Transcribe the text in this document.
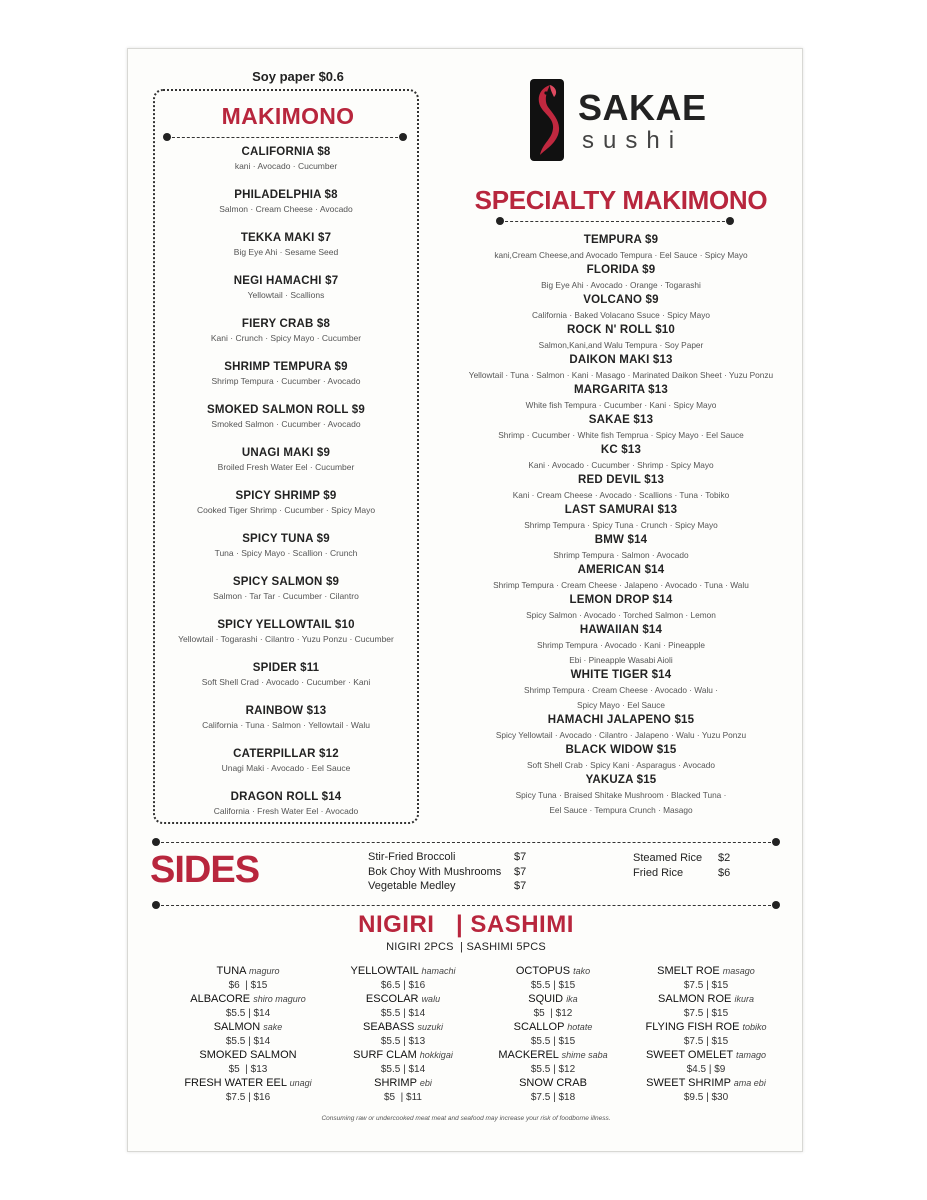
Soy paper $0.6
MAKIMONO
CALIFORNIA $8
kani · Avocado · Cucumber
PHILADELPHIA $8
Salmon · Cream Cheese · Avocado
TEKKA MAKI $7
Big Eye Ahi · Sesame Seed
NEGI HAMACHI $7
Yellowtail · Scallions
FIERY CRAB $8
Kani · Crunch · Spicy Mayo · Cucumber
SHRIMP TEMPURA $9
Shrimp Tempura · Cucumber · Avocado
SMOKED SALMON ROLL $9
Smoked Salmon · Cucumber · Avocado
UNAGI MAKI $9
Broiled Fresh Water Eel · Cucumber
SPICY SHRIMP $9
Cooked Tiger Shrimp · Cucumber · Spicy Mayo
SPICY TUNA $9
Tuna · Spicy Mayo · Scallion · Crunch
SPICY SALMON $9
Salmon · Tar Tar · Cucumber · Cilantro
SPICY YELLOWTAIL $10
Yellowtail · Togarashi · Cilantro · Yuzu Ponzu · Cucumber
SPIDER $11
Soft Shell Crad · Avocado · Cucumber · Kani
RAINBOW $13
California · Tuna · Salmon · Yellowtail · Walu
CATERPILLAR $12
Unagi Maki · Avocado · Eel Sauce
DRAGON ROLL $14
California · Fresh Water Eel · Avocado
SAKAE
sushi
SPECIALTY MAKIMONO
TEMPURA $9
kani,Cream Cheese,and Avocado Tempura · Eel Sauce · Spicy Mayo
FLORIDA $9
Big Eye Ahi · Avocado · Orange · Togarashi
VOLCANO $9
California · Baked Volacano Ssuce · Spicy Mayo
ROCK N' ROLL $10
Salmon,Kani,and Walu Tempura · Soy Paper
DAIKON MAKI $13
Yellowtail · Tuna · Salmon · Kani · Masago · Marinated Daikon Sheet · Yuzu Ponzu
MARGARITA $13
White fish Tempura · Cucumber · Kani · Spicy Mayo
SAKAE $13
Shrimp · Cucumber · White fish Temprua · Spicy Mayo · Eel Sauce
KC $13
Kani · Avocado · Cucumber · Shrimp · Spicy Mayo
RED DEVIL $13
Kani · Cream Cheese · Avocado · Scallions · Tuna · Tobiko
LAST SAMURAI $13
Shrimp Tempura · Spicy Tuna · Crunch · Spicy Mayo
BMW $14
Shrimp Tempura · Salmon · Avocado
AMERICAN $14
Shrimp Tempura · Cream Cheese · Jalapeno · Avocado · Tuna · Walu
LEMON DROP $14
Spicy Salmon · Avocado · Torched Salmon · Lemon
HAWAIIAN $14
Shrimp Tempura · Avocado · Kani · Pineapple
Ebi · Pineapple Wasabi Aioli
WHITE TIGER $14
Shrimp Tempura · Cream Cheese · Avocado · Walu ·
Spicy Mayo · Eel Sauce
HAMACHI JALAPENO $15
Spicy Yellowtail · Avocado · Cilantro · Jalapeno · Walu · Yuzu Ponzu
BLACK WIDOW $15
Soft Shell Crab · Spicy Kani · Asparagus · Avocado
YAKUZA $15
Spicy Tuna · Braised Shitake Mushroom · Blacked Tuna ·
Eel Sauce · Tempura Crunch · Masago
SIDES	Stir-Fried Broccoli
Bok Choy With Mushrooms
Vegetable Medley
$7
$7
$7
Steamed Rice
Fried Rice
$2
$6
NIGIRI   | SASHIMI
NIGIRI 2PCS  | SASHIMI 5PCS
TUNA maguro
$6  | $15
ALBACORE shiro maguro
$5.5 | $14
SALMON sake
$5.5 | $14
SMOKED SALMON
$5  | $13
FRESH WATER EEL unagi
$7.5 | $16
YELLOWTAIL hamachi
$6.5 | $16
ESCOLAR walu
$5.5 | $14
SEABASS suzuki
$5.5 | $13
SURF CLAM hokkigai
$5.5 | $14
SHRIMP ebi
$5  | $11
OCTOPUS tako
$5.5 | $15
SQUID ika
$5  | $12
SCALLOP hotate
$5.5 | $15
MACKEREL shime saba
$5.5 | $12
SNOW CRAB
$7.5 | $18
SMELT ROE masago
$7.5 | $15
SALMON ROE ikura
$7.5 | $15
FLYING FISH ROE tobiko
$7.5 | $15
SWEET OMELET tamago
$4.5 | $9
SWEET SHRIMP ama ebi
$9.5 | $30
Consuming raw or undercooked meat meat and seafood may increase your risk of foodborne illness.
